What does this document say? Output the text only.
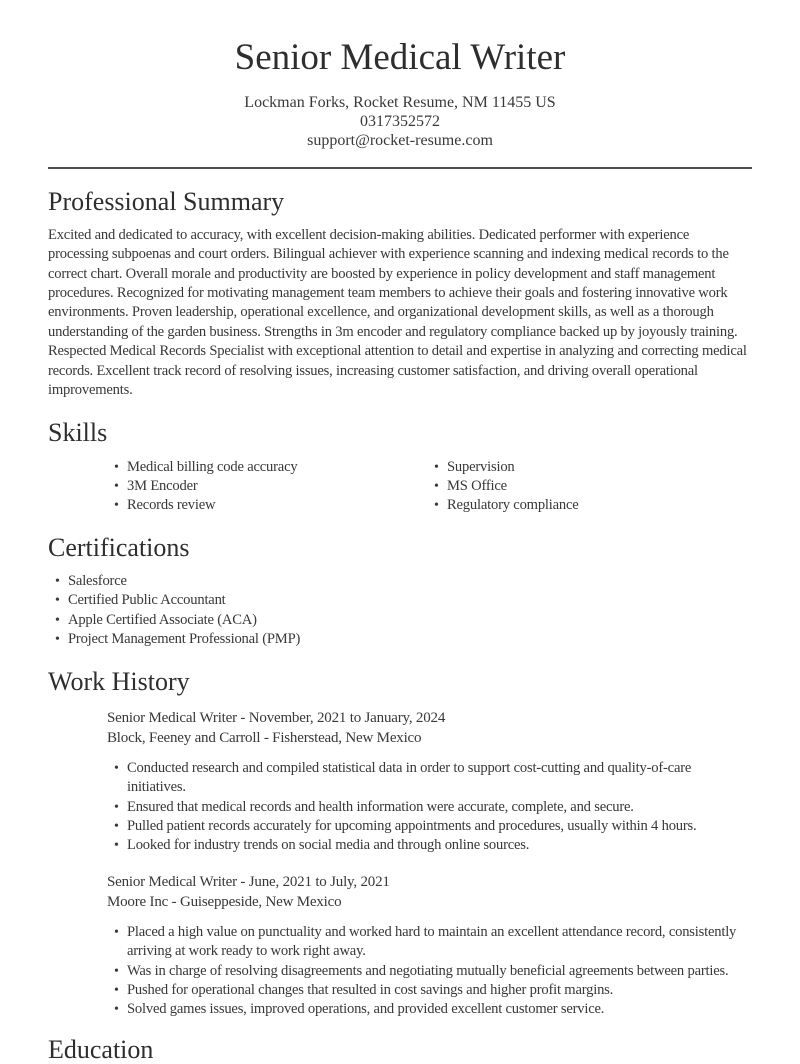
Senior Medical Writer

Lockman Forks, Rocket Resume, NM 11455 US

0317352572

support@rocket-resume.com

Professional Summary

Excited and dedicated to accuracy, with excellent decision-making abilities. Dedicated performer with experience processing subpoenas and court orders. Bilingual achiever with experience scanning and indexing medical records to the correct chart. Overall morale and productivity are boosted by experience in policy development and staff management procedures. Recognized for motivating management team members to achieve their goals and fostering innovative work environments. Proven leadership, operational excellence, and organizational development skills, as well as a thorough understanding of the garden business. Strengths in 3m encoder and regulatory compliance backed up by joyously training. Respected Medical Records Specialist with exceptional attention to detail and expertise in analyzing and correcting medical records. Excellent track record of resolving issues, increasing customer satisfaction, and driving overall operational improvements.

Skills
• Medical billing code accuracy
• 3M Encoder
• Records review
• Supervision
• MS Office
• Regulatory compliance
Certifications
• Salesforce
• Certified Public Accountant
• Apple Certified Associate (ACA)
• Project Management Professional (PMP)
Work History

Senior Medical Writer - November, 2021 to January, 2024

Block, Feeney and Carroll - Fisherstead, New Mexico

• Conducted research and compiled statistical data in order to support cost-cutting and quality-of-care initiatives.
• Ensured that medical records and health information were accurate, complete, and secure.
• Pulled patient records accurately for upcoming appointments and procedures, usually within 4 hours.
• Looked for industry trends on social media and through online sources.

Senior Medical Writer - June, 2021 to July, 2021

Moore Inc - Guiseppeside, New Mexico

• Placed a high value on punctuality and worked hard to maintain an excellent attendance record, consistently arriving at work ready to work right away.
• Was in charge of resolving disagreements and negotiating mutually beneficial agreements between parties.
• Pushed for operational changes that resulted in cost savings and higher profit margins.
• Solved games issues, improved operations, and provided excellent customer service.
Education
